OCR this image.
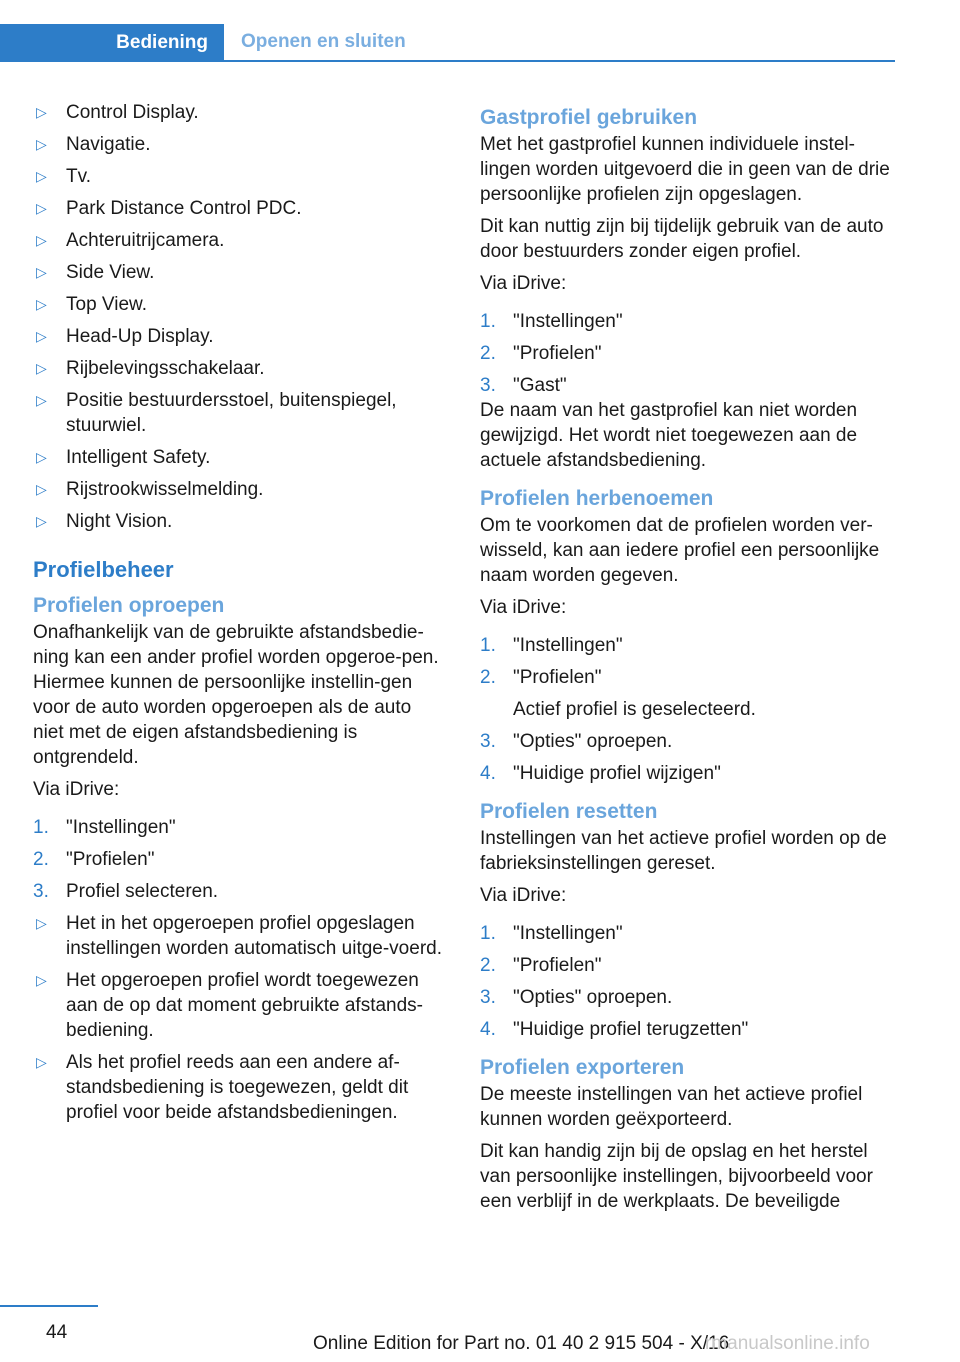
Bediening	Openen en sluiten
▷ Control Display.
▷ Navigatie.
▷ Tv.
▷ Park Distance Control PDC.
▷ Achteruitrijcamera.
▷ Side View.
▷ Top View.
▷ Head-Up Display.
▷ Rijbelevingsschakelaar.
▷ Positie bestuurdersstoel, buitenspiegel, stuurwiel.
▷ Intelligent Safety.
▷ Rijstrookwisselmelding.
▷ Night Vision.
Profielbeheer
Profielen oproepen
Onafhankelijk van de gebruikte afstandsbedie-ning kan een ander profiel worden opgeroe-pen. Hiermee kunnen de persoonlijke instellin-gen voor de auto worden opgeroepen als de auto niet met de eigen afstandsbediening is ontgrendeld.
Via iDrive:
1. "Instellingen"
2. "Profielen"
3. Profiel selecteren.
▷ Het in het opgeroepen profiel opgeslagen instellingen worden automatisch uitge-voerd.
▷ Het opgeroepen profiel wordt toegewezen aan de op dat moment gebruikte afstands-bediening.
▷ Als het profiel reeds aan een andere af-standsbediening is toegewezen, geldt dit profiel voor beide afstandsbedieningen.
Gastprofiel gebruiken
Met het gastprofiel kunnen individuele instel-lingen worden uitgevoerd die in geen van de drie persoonlijke profielen zijn opgeslagen.
Dit kan nuttig zijn bij tijdelijk gebruik van de auto door bestuurders zonder eigen profiel.
Via iDrive:
1. "Instellingen"
2. "Profielen"
3. "Gast"
De naam van het gastprofiel kan niet worden gewijzigd. Het wordt niet toegewezen aan de actuele afstandsbediening.
Profielen herbenoemen
Om te voorkomen dat de profielen worden ver-wisseld, kan aan iedere profiel een persoonlijke naam worden gegeven.
Via iDrive:
1. "Instellingen"
2. "Profielen"
Actief profiel is geselecteerd.
3. "Opties" oproepen.
4. "Huidige profiel wijzigen"
Profielen resetten
Instellingen van het actieve profiel worden op de fabrieksinstellingen gereset.
Via iDrive:
1. "Instellingen"
2. "Profielen"
3. "Opties" oproepen.
4. "Huidige profiel terugzetten"
Profielen exporteren
De meeste instellingen van het actieve profiel kunnen worden geëxporteerd.
Dit kan handig zijn bij de opslag en het herstel van persoonlijke instellingen, bijvoorbeeld voor een verblijf in de werkplaats. De beveiligde
44
Online Edition for Part no. 01 40 2 915 504 - X/16
rmanualsonline.info
